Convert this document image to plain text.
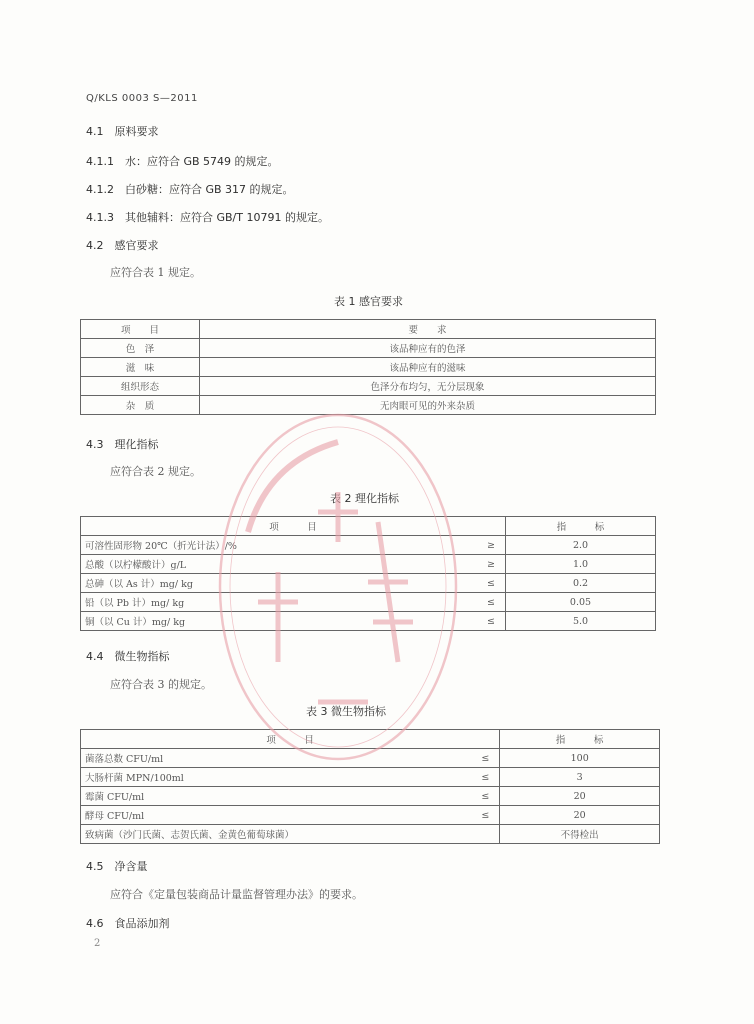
Q/KLS 0003 S—2011
4.1　原料要求
4.1.1　水：应符合 GB 5749 的规定。
4.1.2　白砂糖：应符合 GB 317 的规定。
4.1.3　其他辅料：应符合 GB/T 10791 的规定。
4.2　感官要求
应符合表 1 规定。
表 1 感官要求
项　　目	要　　求
色　泽	该品种应有的色泽
滋　味	该品种应有的滋味
组织形态	色泽分布均匀，无分层现象
杂　质	无肉眼可见的外来杂质
4.3　理化指标
应符合表 2 规定。
表 2 理化指标
项　　　目		指　　　标
可溶性固形物 20℃（折光计法）/%	≥	2.0
总酸（以柠檬酸计）g/L	≥	1.0
总砷（以 As 计）mg/ kg	≤	0.2
铅（以 Pb 计）mg/ kg	≤	0.05
铜（以 Cu 计）mg/ kg	≤	5.0
4.4　微生物指标
应符合表 3 的规定。
表 3 微生物指标
项　　　目		指　　　标
菌落总数 CFU/ml	≤	100
大肠杆菌 MPN/100ml	≤	3
霉菌 CFU/ml	≤	20
酵母 CFU/ml	≤	20
致病菌（沙门氏菌、志贺氏菌、金黄色葡萄球菌）		不得检出
4.5　净含量
应符合《定量包装商品计量监督管理办法》的要求。
4.6　食品添加剂
2
